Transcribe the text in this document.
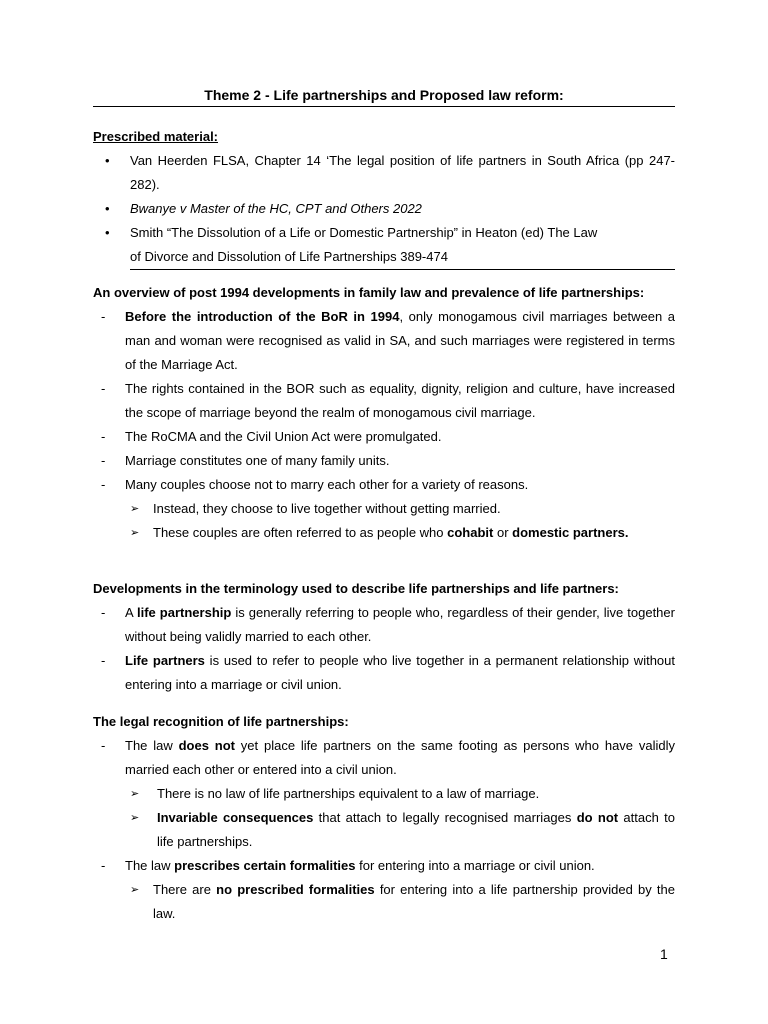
Theme 2 - Life partnerships and Proposed law reform:
Prescribed material:
•	Van Heerden FLSA, Chapter 14 ‘The legal position of life partners in South Africa (pp 247-282).
•	Bwanye v Master of the HC, CPT and Others 2022
•	Smith “The Dissolution of a Life or Domestic Partnership” in Heaton (ed) The Law
of Divorce and Dissolution of Life Partnerships 389-474
An overview of post 1994 developments in family law and prevalence of life partnerships:
-	Before the introduction of the BoR in 1994, only monogamous civil marriages between a man and woman were recognised as valid in SA, and such marriages were registered in terms of the Marriage Act.
-	The rights contained in the BOR such as equality, dignity, religion and culture, have increased the scope of marriage beyond the realm of monogamous civil marriage.
-	The RoCMA and the Civil Union Act were promulgated.
-	Marriage constitutes one of many family units.
-	Many couples choose not to marry each other for a variety of reasons.
➢	Instead, they choose to live together without getting married.
➢	These couples are often referred to as people who cohabit or domestic partners.
Developments in the terminology used to describe life partnerships and life partners:
-	A life partnership is generally referring to people who, regardless of their gender, live together without being validly married to each other.
-	Life partners is used to refer to people who live together in a permanent relationship without entering into a marriage or civil union.
The legal recognition of life partnerships:
-	The law does not yet place life partners on the same footing as persons who have validly married each other or entered into a civil union.
➢	There is no law of life partnerships equivalent to a law of marriage.
➢	Invariable consequences that attach to legally recognised marriages do not attach to life partnerships.
-	The law prescribes certain formalities for entering into a marriage or civil union.
➢	There are no prescribed formalities for entering into a life partnership provided by the law.
1
